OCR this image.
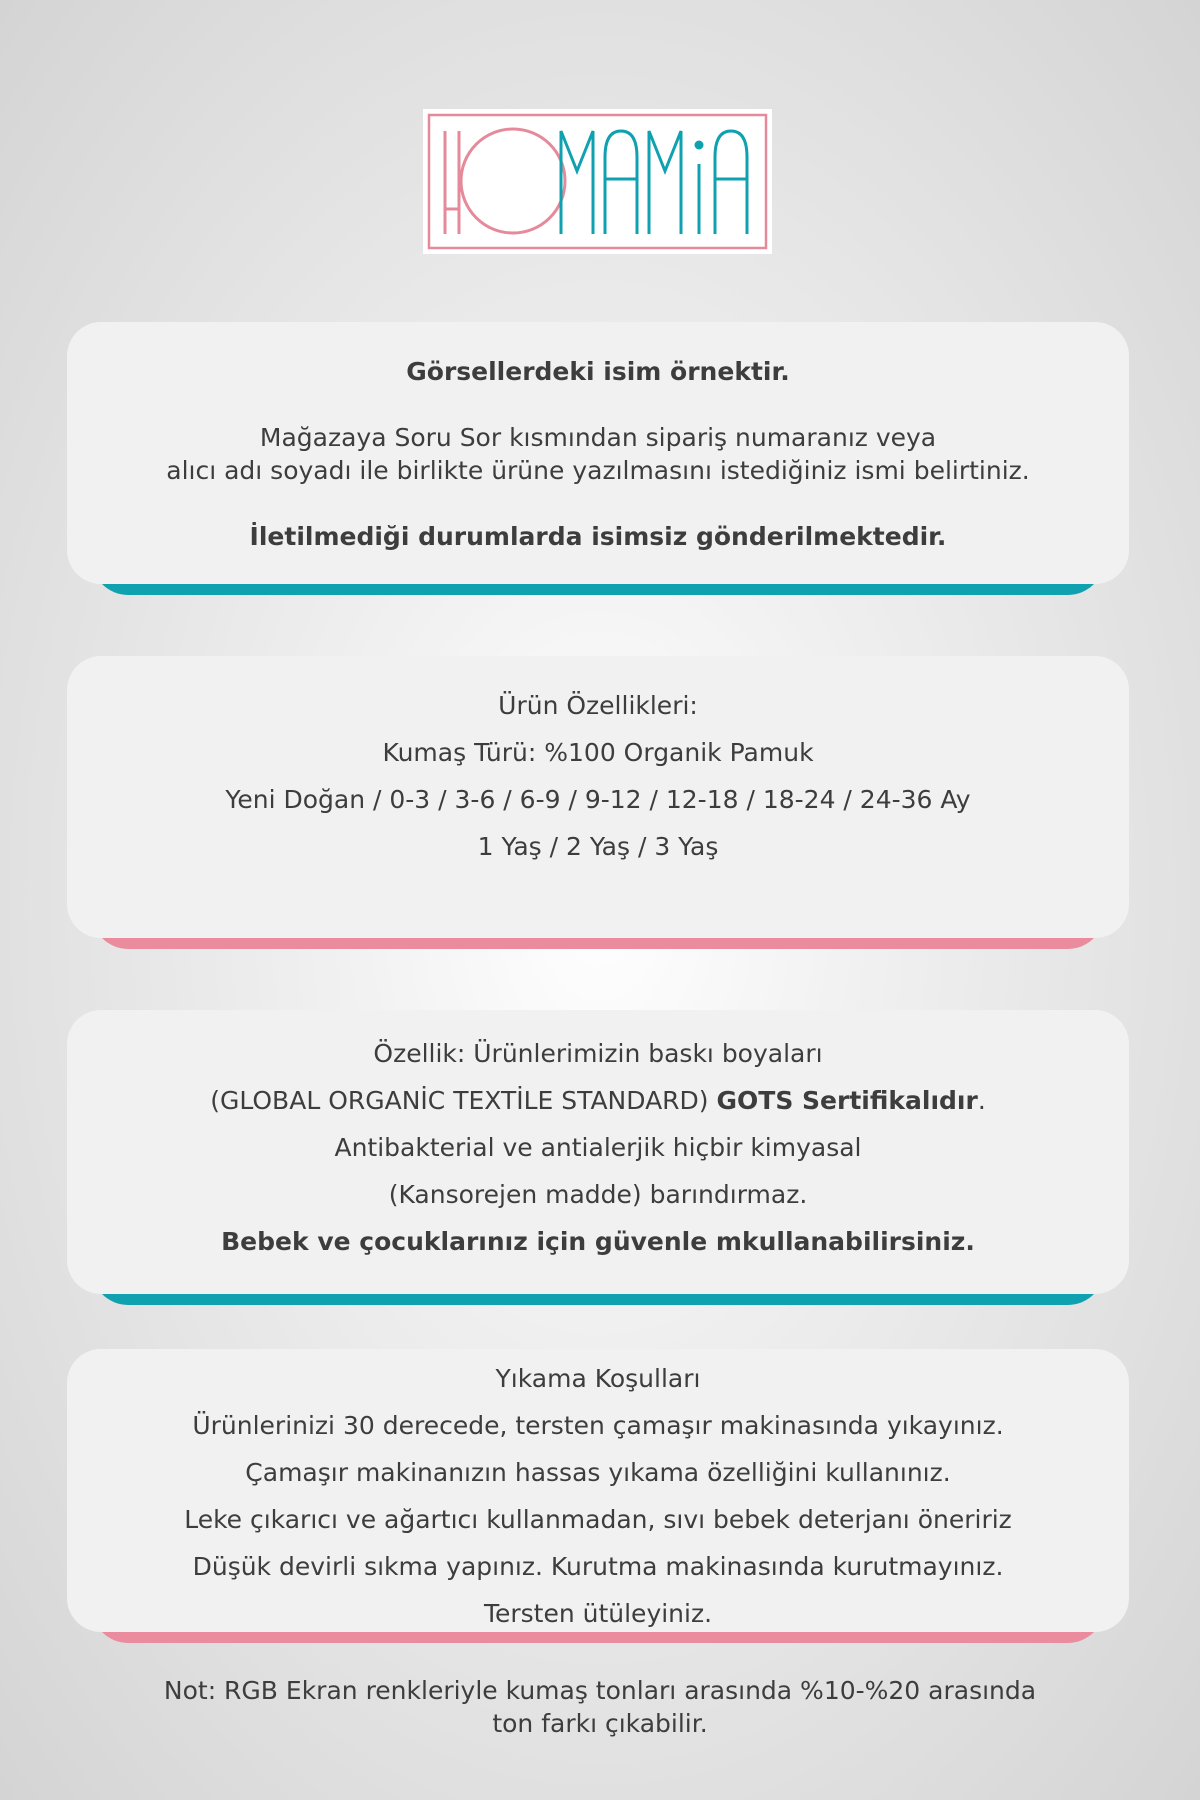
Görsellerdeki isim örnektir.
Mağazaya Soru Sor kısmından sipariş numaranız veya
alıcı adı soyadı ile birlikte ürüne yazılmasını istediğiniz ismi belirtiniz.
İletilmediği durumlarda isimsiz gönderilmektedir.
Ürün Özellikleri:
Kumaş Türü: %100 Organik Pamuk
Yeni Doğan / 0-3 / 3-6 / 6-9 / 9-12 / 12-18 / 18-24 / 24-36 Ay
1 Yaş / 2 Yaş / 3 Yaş
Özellik: Ürünlerimizin baskı boyaları
(GLOBAL ORGANİC TEXTİLE STANDARD) GOTS Sertifikalıdır.
Antibakterial ve antialerjik hiçbir kimyasal
(Kansorejen madde) barındırmaz.
Bebek ve çocuklarınız için güvenle mkullanabilirsiniz.
Yıkama Koşulları
Ürünlerinizi 30 derecede, tersten çamaşır makinasında yıkayınız.
Çamaşır makinanızın hassas yıkama özelliğini kullanınız.
Leke çıkarıcı ve ağartıcı kullanmadan, sıvı bebek deterjanı öneririz
Düşük devirli sıkma yapınız. Kurutma makinasında kurutmayınız.
Tersten ütüleyiniz.
Not: RGB Ekran renkleriyle kumaş tonları arasında %10-%20 arasında
ton farkı çıkabilir.
